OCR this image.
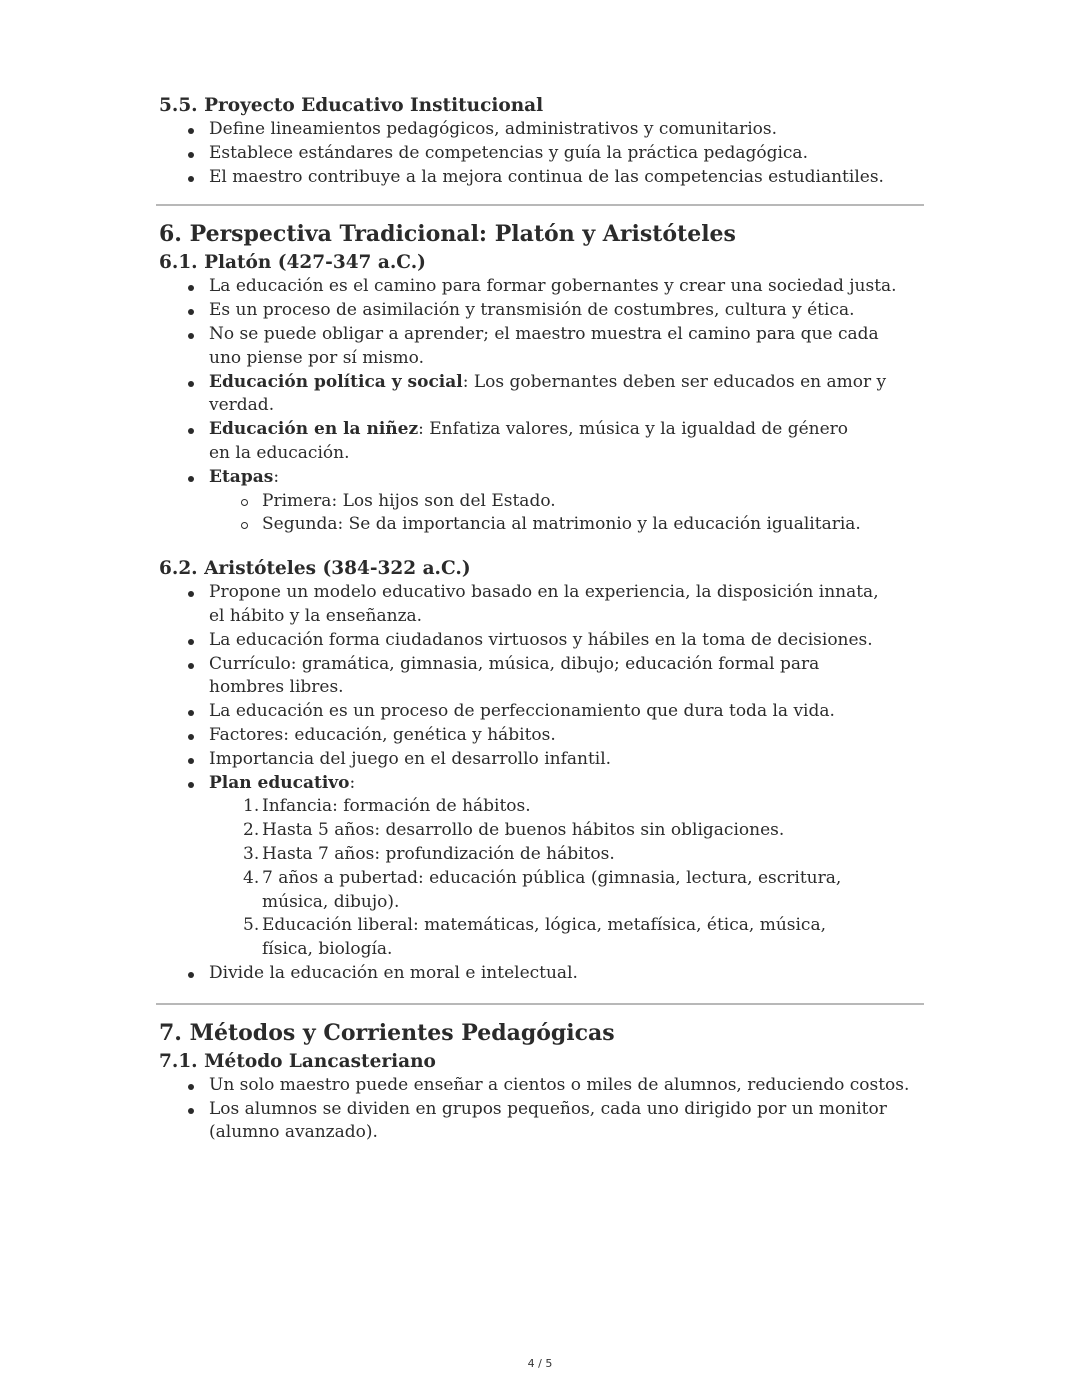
5.5. Proyecto Educativo Institucional
Define lineamientos pedagógicos, administrativos y comunitarios.
Establece estándares de competencias y guía la práctica pedagógica.
El maestro contribuye a la mejora continua de las competencias estudiantiles.
6. Perspectiva Tradicional: Platón y Aristóteles
6.1. Platón (427-347 a.C.)
La educación es el camino para formar gobernantes y crear una sociedad justa.
Es un proceso de asimilación y transmisión de costumbres, cultura y ética.
No se puede obligar a aprender; el maestro muestra el camino para que cada uno piense por sí mismo.
Educación política y social: Los gobernantes deben ser educados en amor y verdad.
Educación en la niñez: Enfatiza valores, música y la igualdad de género en la educación.
Etapas:
Primera: Los hijos son del Estado.
Segunda: Se da importancia al matrimonio y la educación igualitaria.
6.2. Aristóteles (384-322 a.C.)
Propone un modelo educativo basado en la experiencia, la disposición innata, el hábito y la enseñanza.
La educación forma ciudadanos virtuosos y hábiles en la toma de decisiones.
Currículo: gramática, gimnasia, música, dibujo; educación formal para hombres libres.
La educación es un proceso de perfeccionamiento que dura toda la vida.
Factores: educación, genética y hábitos.
Importancia del juego en el desarrollo infantil.
Plan educativo:
1. Infancia: formación de hábitos.
2. Hasta 5 años: desarrollo de buenos hábitos sin obligaciones.
3. Hasta 7 años: profundización de hábitos.
4. 7 años a pubertad: educación pública (gimnasia, lectura, escritura, música, dibujo).
5. Educación liberal: matemáticas, lógica, metafísica, ética, música, física, biología.
Divide la educación en moral e intelectual.
7. Métodos y Corrientes Pedagógicas
7.1. Método Lancasteriano
Un solo maestro puede enseñar a cientos o miles de alumnos, reduciendo costos.
Los alumnos se dividen en grupos pequeños, cada uno dirigido por un monitor (alumno avanzado).
4 / 5
